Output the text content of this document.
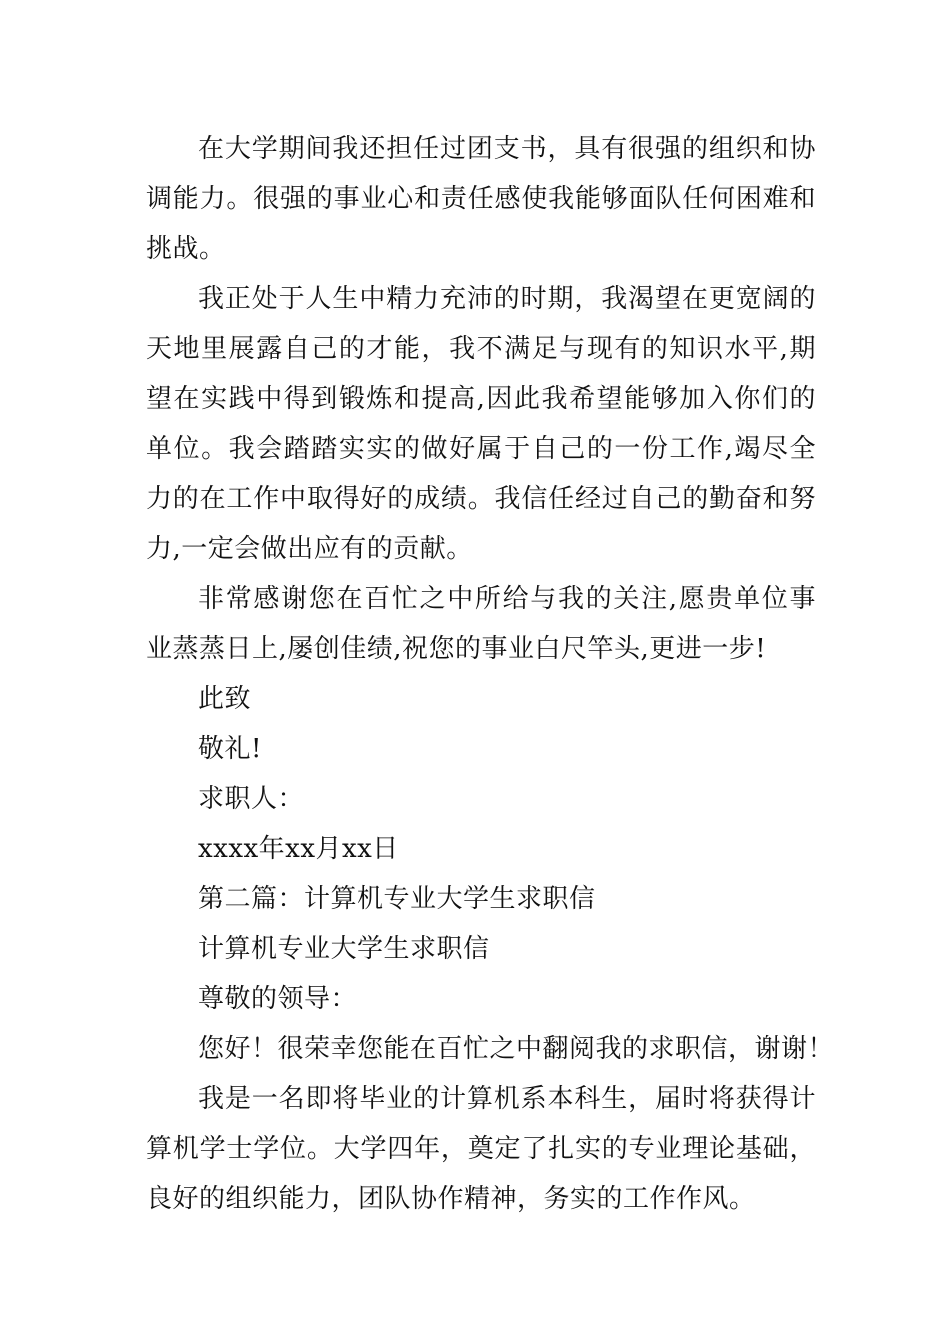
在大学期间我还担任过团支书，具有很强的组织和协调能力。很强的事业心和责任感使我能够面队任何困难和挑战。

我正处于人生中精力充沛的时期，我渴望在更宽阔的天地里展露自己的才能，我不满足与现有的知识水平,期望在实践中得到锻炼和提高,因此我希望能够加入你们的单位。我会踏踏实实的做好属于自己的一份工作,竭尽全力的在工作中取得好的成绩。我信任经过自己的勤奋和努力,一定会做出应有的贡献。

非常感谢您在百忙之中所给与我的关注,愿贵单位事业蒸蒸日上,屡创佳绩,祝您的事业白尺竿头,更进一步!

此致

敬礼!

求职人：

xxxx年xx月xx日

第二篇：计算机专业大学生求职信

计算机专业大学生求职信

尊敬的领导：

您好！很荣幸您能在百忙之中翻阅我的求职信，谢谢！

我是一名即将毕业的计算机系本科生，届时将获得计算机学士学位。大学四年，奠定了扎实的专业理论基础，良好的组织能力，团队协作精神，务实的工作作风。
